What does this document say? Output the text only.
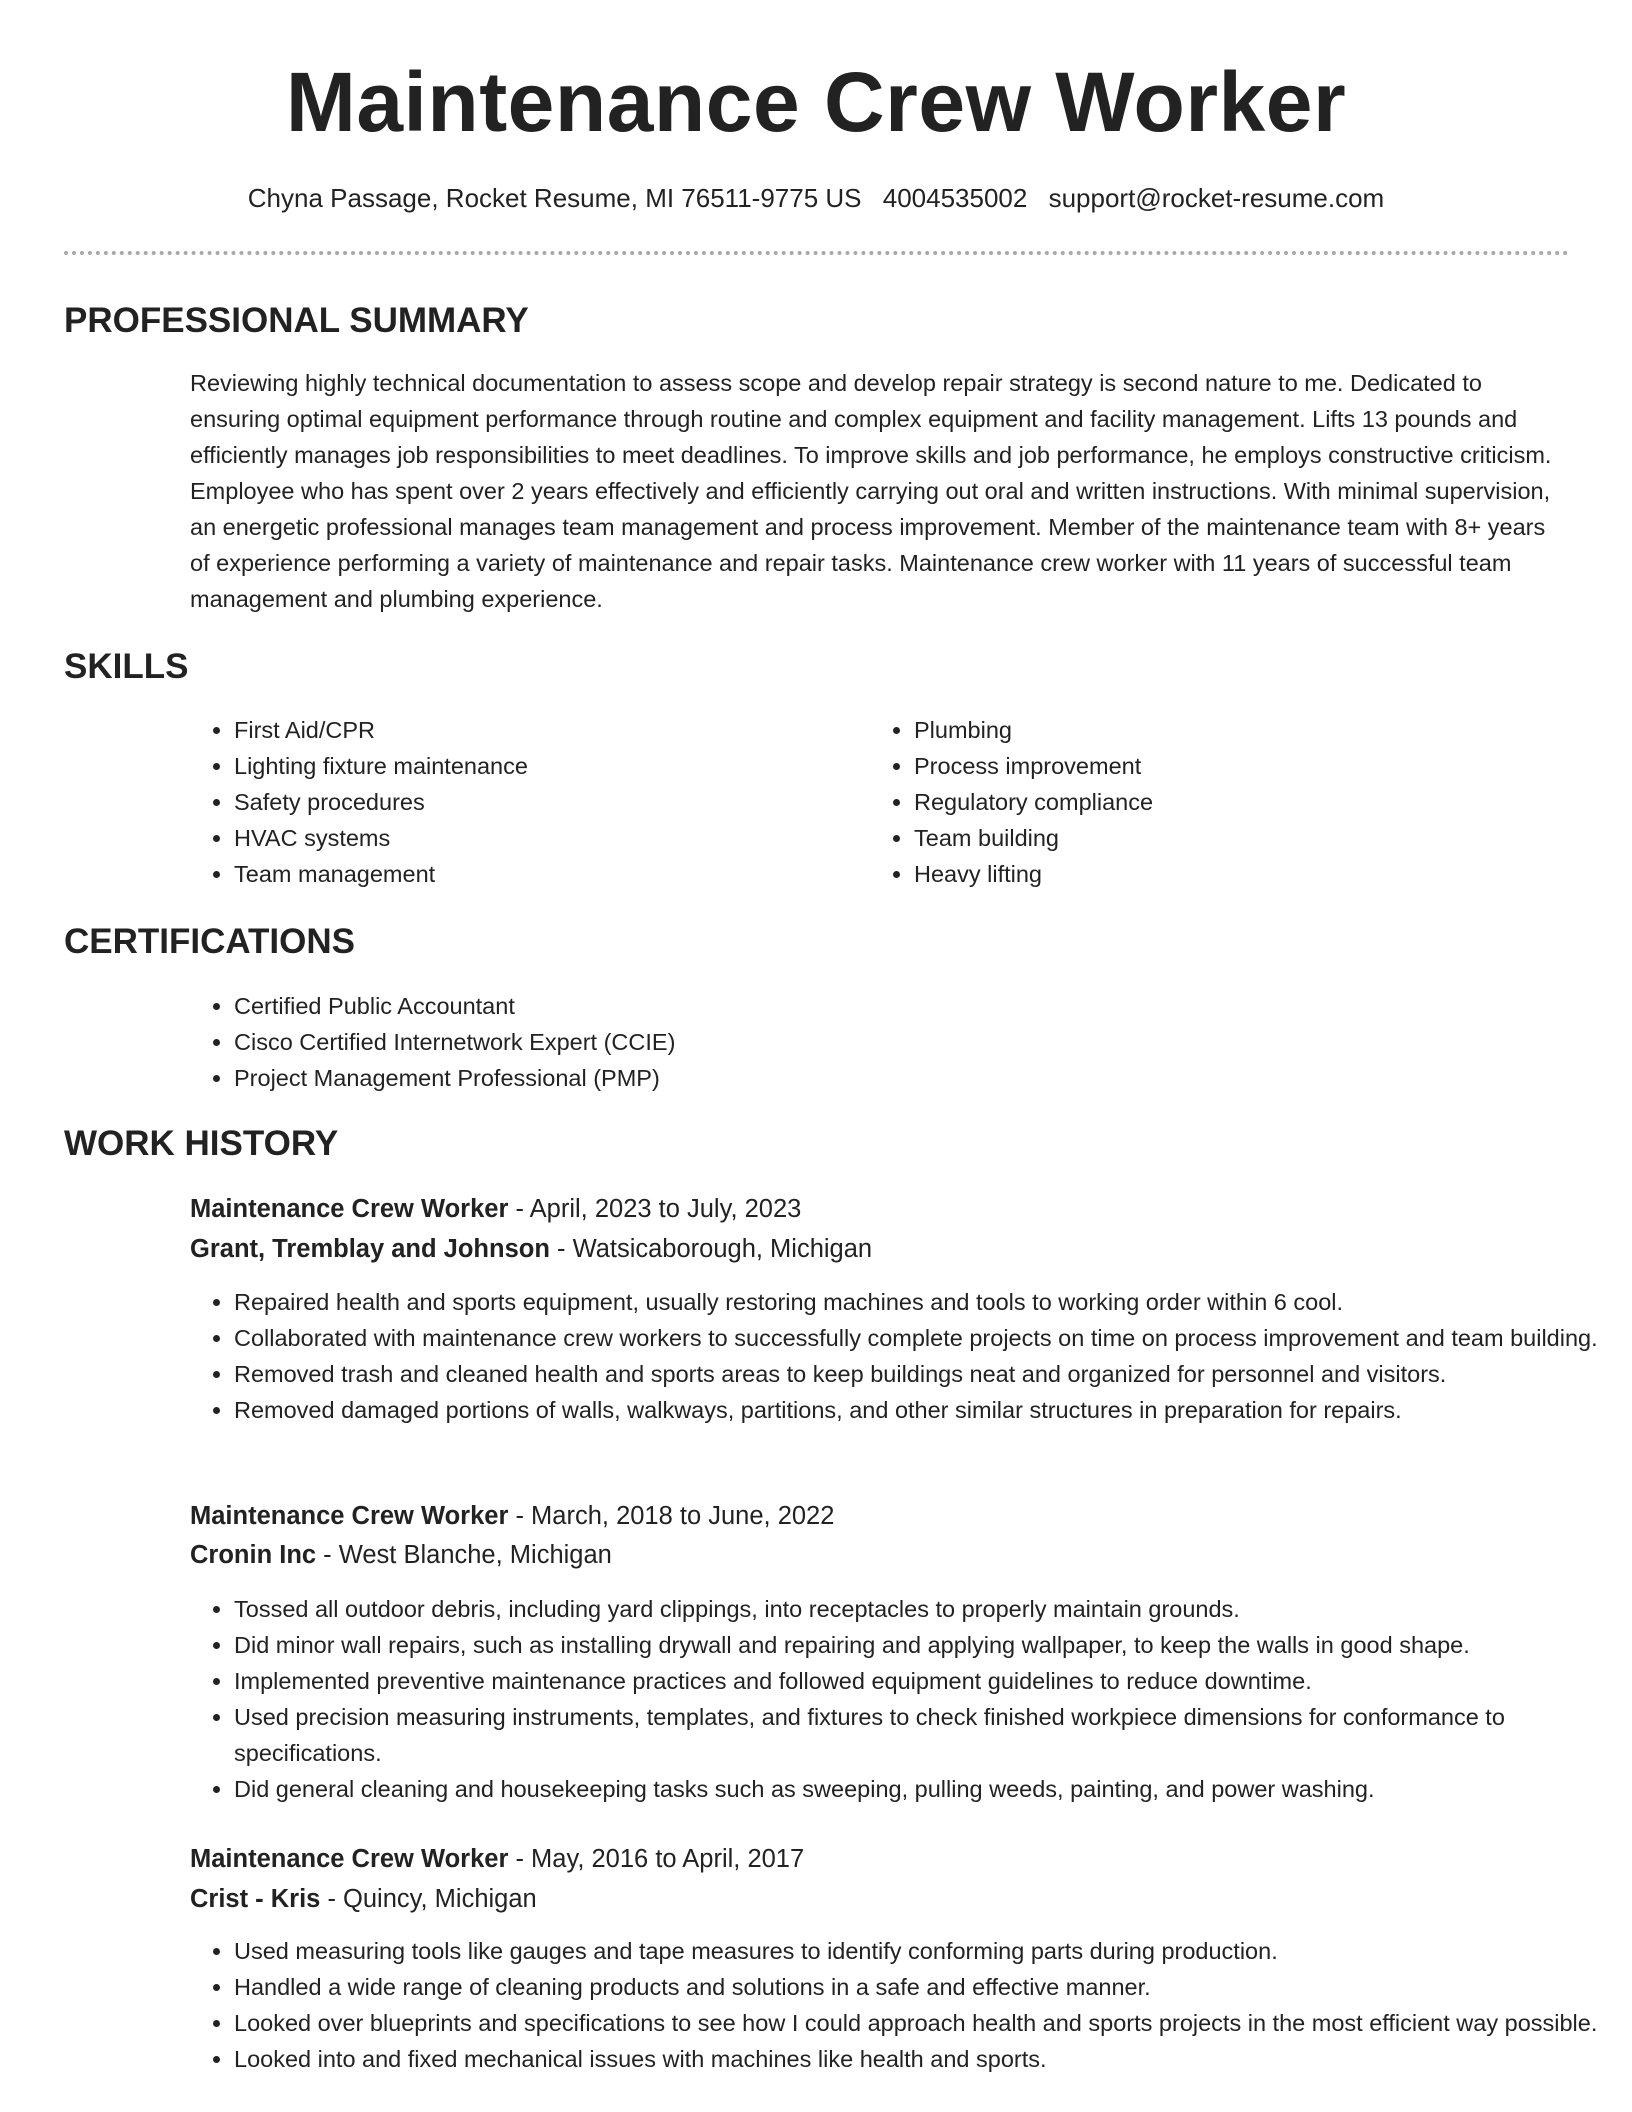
Maintenance Crew Worker
Chyna Passage, Rocket Resume, MI 76511-9775 US 4004535002 support@rocket-resume.com
PROFESSIONAL SUMMARY

Reviewing highly technical documentation to assess scope and develop repair strategy is second nature to me. Dedicated to ensuring optimal equipment performance through routine and complex equipment and facility management. Lifts 13 pounds and efficiently manages job responsibilities to meet deadlines. To improve skills and job performance, he employs constructive criticism. Employee who has spent over 2 years effectively and efficiently carrying out oral and written instructions. With minimal supervision, an energetic professional manages team management and process improvement. Member of the maintenance team with 8+ years of experience performing a variety of maintenance and repair tasks. Maintenance crew worker with 11 years of successful team management and plumbing experience.

SKILLS
• First Aid/CPR
• Lighting fixture maintenance
• Safety procedures
• HVAC systems
• Team management
• Plumbing
• Process improvement
• Regulatory compliance
• Team building
• Heavy lifting
CERTIFICATIONS
• Certified Public Accountant
• Cisco Certified Internetwork Expert (CCIE)
• Project Management Professional (PMP)
WORK HISTORY
Maintenance Crew Worker - April, 2023 to July, 2023
Grant, Tremblay and Johnson - Watsicaborough, Michigan
• Repaired health and sports equipment, usually restoring machines and tools to working order within 6 cool.
• Collaborated with maintenance crew workers to successfully complete projects on time on process improvement and team building.
• Removed trash and cleaned health and sports areas to keep buildings neat and organized for personnel and visitors.
• Removed damaged portions of walls, walkways, partitions, and other similar structures in preparation for repairs.
Maintenance Crew Worker - March, 2018 to June, 2022
Cronin Inc - West Blanche, Michigan
• Tossed all outdoor debris, including yard clippings, into receptacles to properly maintain grounds.
• Did minor wall repairs, such as installing drywall and repairing and applying wallpaper, to keep the walls in good shape.
• Implemented preventive maintenance practices and followed equipment guidelines to reduce downtime.
• Used precision measuring instruments, templates, and fixtures to check finished workpiece dimensions for conformance to specifications.
• Did general cleaning and housekeeping tasks such as sweeping, pulling weeds, painting, and power washing.
Maintenance Crew Worker - May, 2016 to April, 2017
Crist - Kris - Quincy, Michigan
• Used measuring tools like gauges and tape measures to identify conforming parts during production.
• Handled a wide range of cleaning products and solutions in a safe and effective manner.
• Looked over blueprints and specifications to see how I could approach health and sports projects in the most efficient way possible.
• Looked into and fixed mechanical issues with machines like health and sports.
